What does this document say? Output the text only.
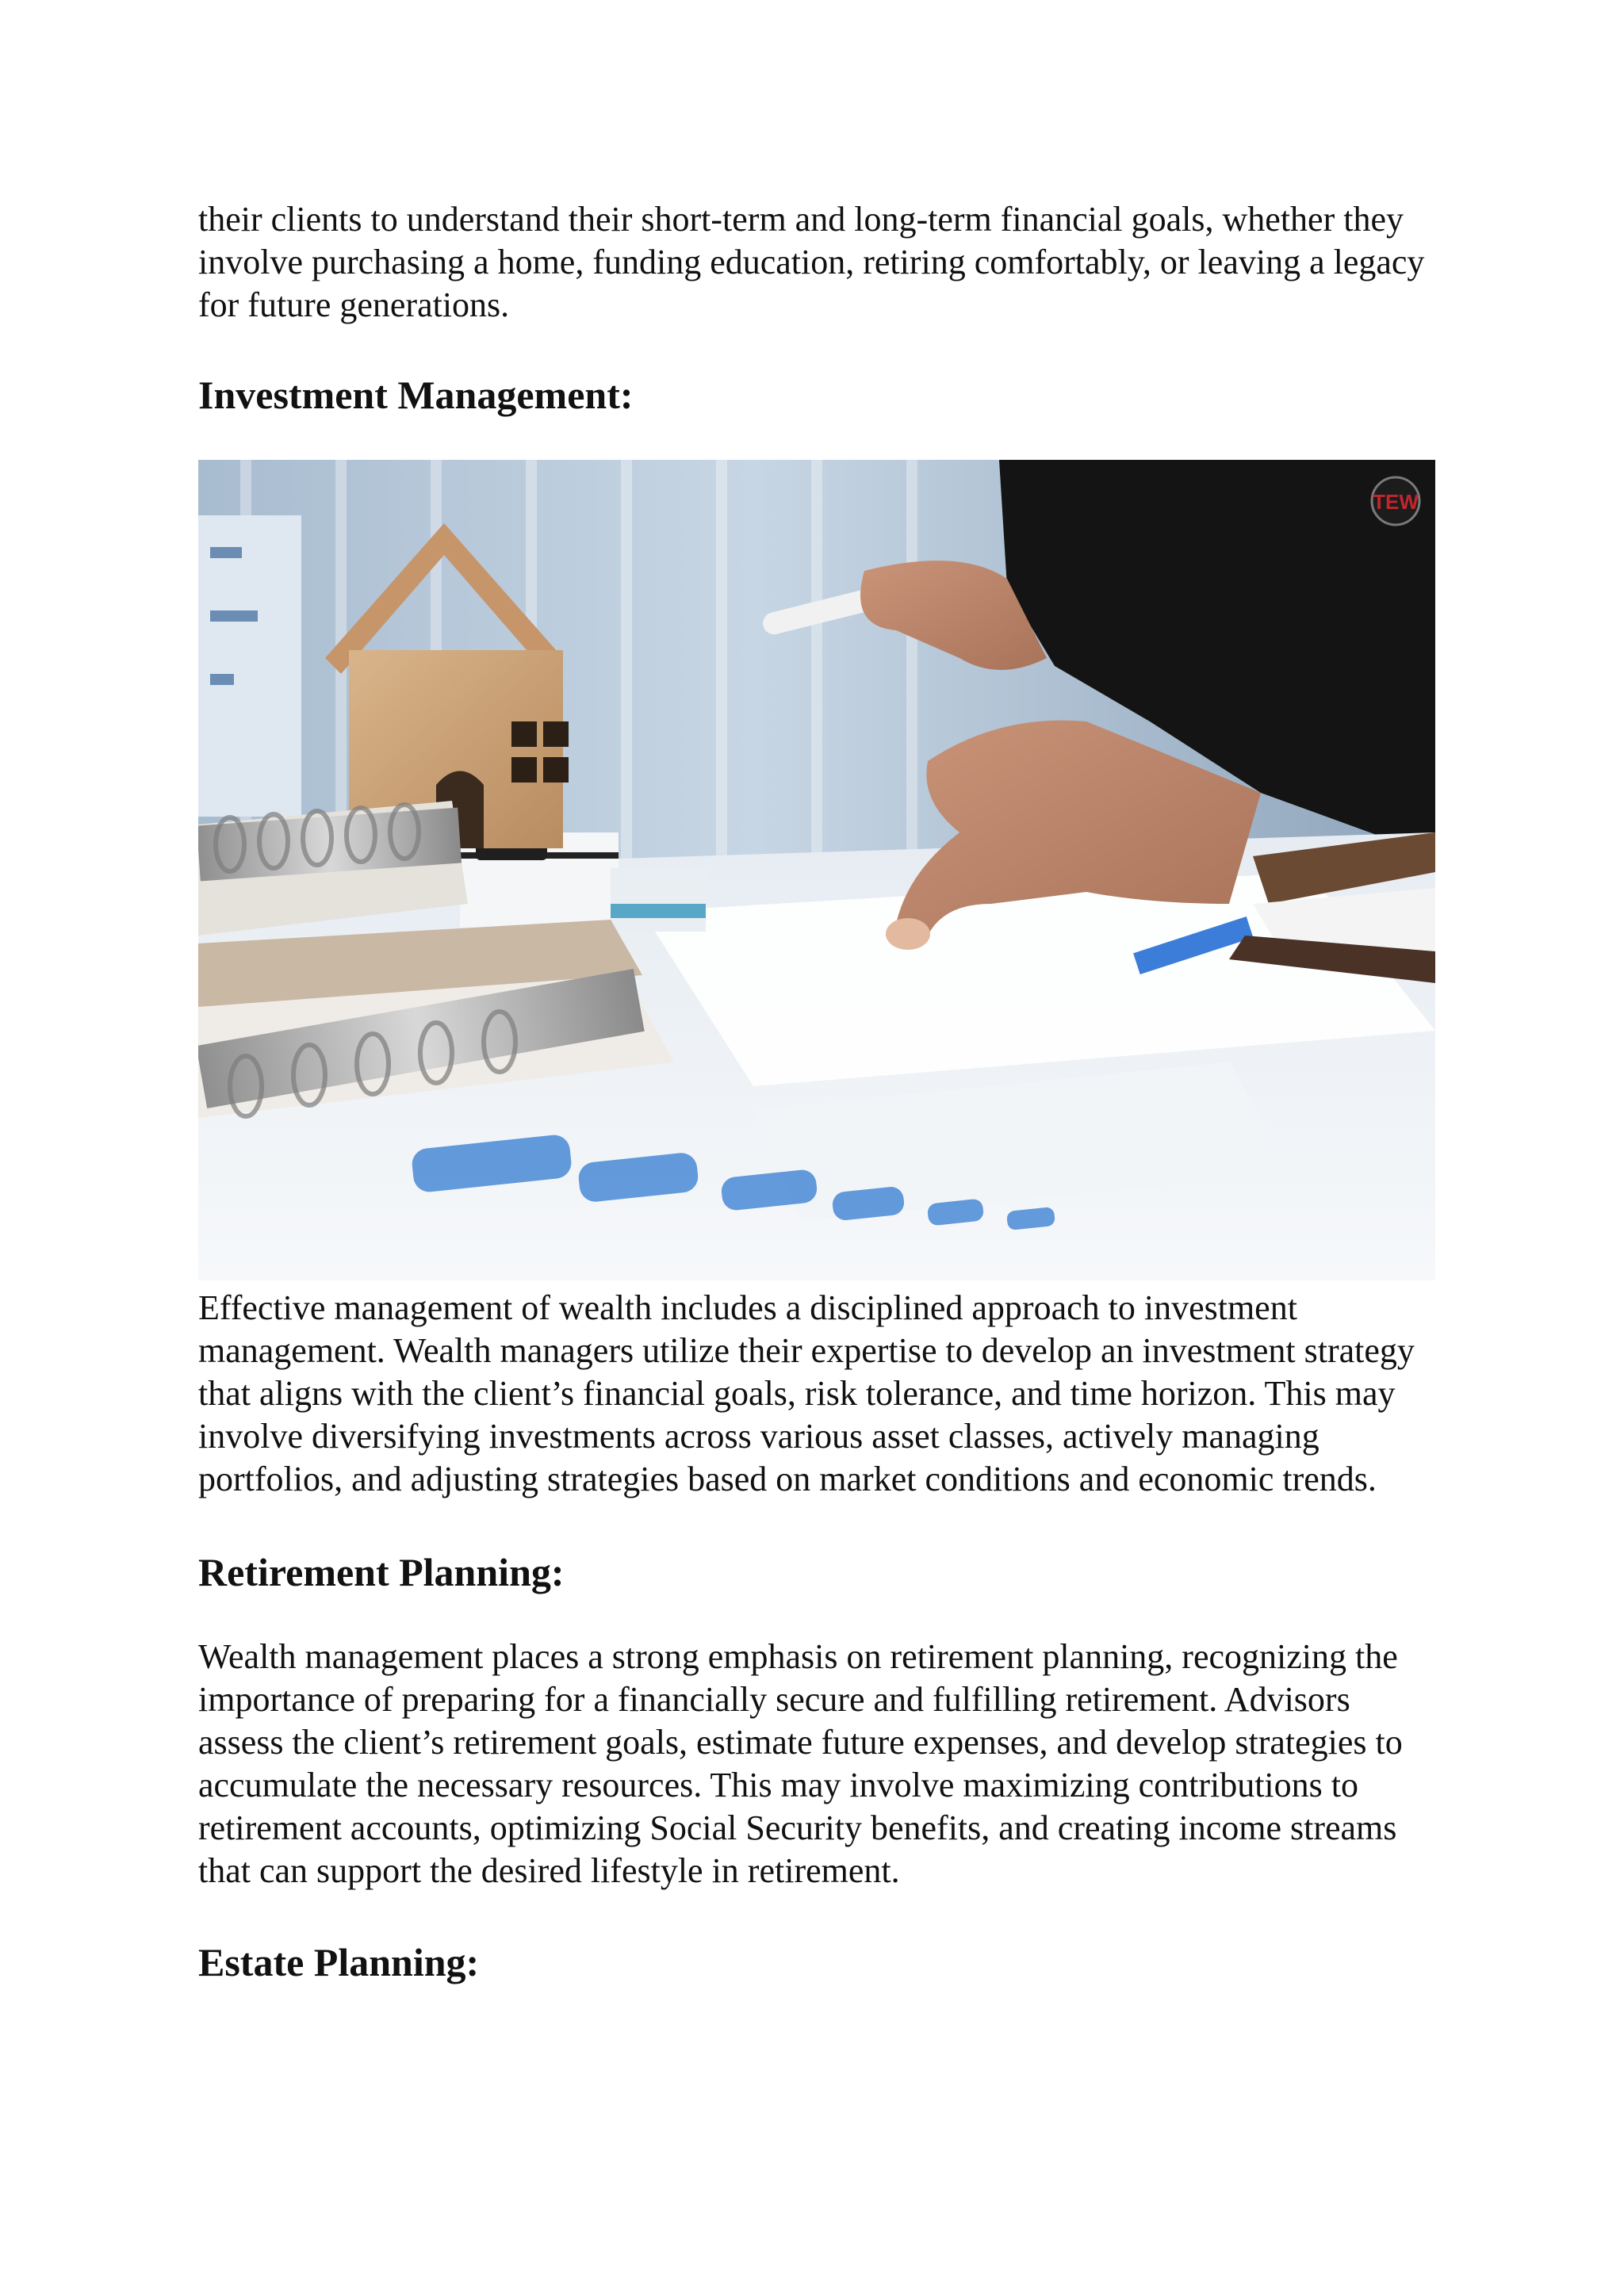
their clients to understand their short-term and long-term financial goals, whether they involve purchasing a home, funding education, retiring comfortably, or leaving a legacy for future generations.

Investment Management:
TEW

Effective management of wealth includes a disciplined approach to investment management. Wealth managers utilize their expertise to develop an investment strategy that aligns with the client’s financial goals, risk tolerance, and time horizon. This may involve diversifying investments across various asset classes, actively managing portfolios, and adjusting strategies based on market conditions and economic trends.

Retirement Planning:

Wealth management places a strong emphasis on retirement planning, recognizing the importance of preparing for a financially secure and fulfilling retirement. Advisors assess the client’s retirement goals, estimate future expenses, and develop strategies to accumulate the necessary resources. This may involve maximizing contributions to retirement accounts, optimizing Social Security benefits, and creating income streams that can support the desired lifestyle in retirement.

Estate Planning:
